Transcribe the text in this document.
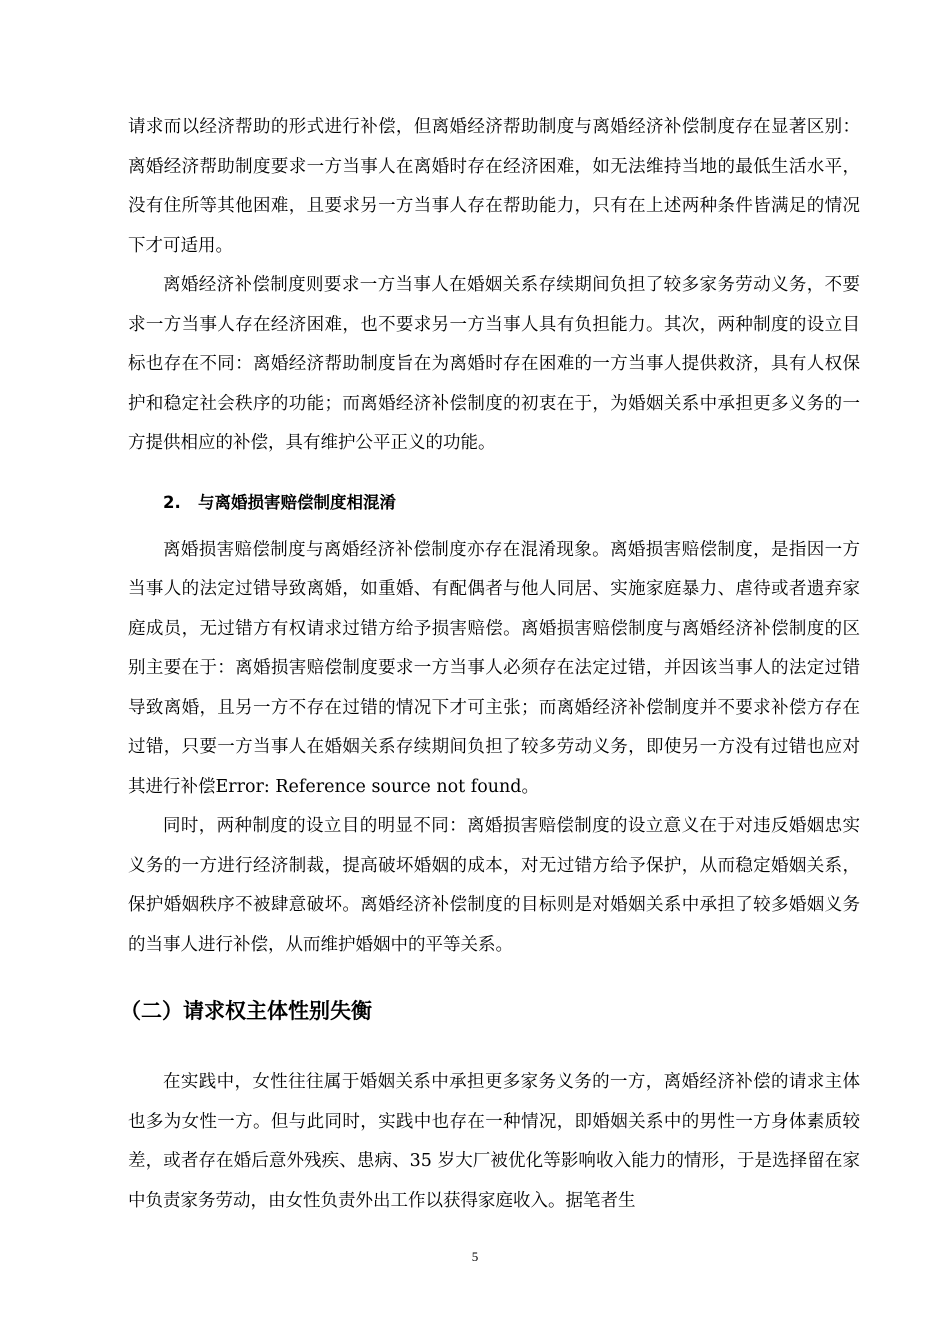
请求而以经济帮助的形式进行补偿，但离婚经济帮助制度与离婚经济补偿制度存在显著区别：离婚经济帮助制度要求一方当事人在离婚时存在经济困难，如无法维持当地的最低生活水平，没有住所等其他困难，且要求另一方当事人存在帮助能力，只有在上述两种条件皆满足的情况下才可适用。

离婚经济补偿制度则要求一方当事人在婚姻关系存续期间负担了较多家务劳动义务，不要求一方当事人存在经济困难，也不要求另一方当事人具有负担能力。其次，两种制度的设立目标也存在不同：离婚经济帮助制度旨在为离婚时存在困难的一方当事人提供救济，具有人权保护和稳定社会秩序的功能；而离婚经济补偿制度的初衷在于，为婚姻关系中承担更多义务的一方提供相应的补偿，具有维护公平正义的功能。

2.   与离婚损害赔偿制度相混淆

离婚损害赔偿制度与离婚经济补偿制度亦存在混淆现象。离婚损害赔偿制度，是指因一方当事人的法定过错导致离婚，如重婚、有配偶者与他人同居、实施家庭暴力、虐待或者遗弃家庭成员，无过错方有权请求过错方给予损害赔偿。离婚损害赔偿制度与离婚经济补偿制度的区别主要在于：离婚损害赔偿制度要求一方当事人必须存在法定过错，并因该当事人的法定过错导致离婚，且另一方不存在过错的情况下才可主张；而离婚经济补偿制度并不要求补偿方存在过错，只要一方当事人在婚姻关系存续期间负担了较多劳动义务，即使另一方没有过错也应对其进行补偿Error: Reference source not found。

同时，两种制度的设立目的明显不同：离婚损害赔偿制度的设立意义在于对违反婚姻忠实义务的一方进行经济制裁，提高破坏婚姻的成本，对无过错方给予保护，从而稳定婚姻关系，保护婚姻秩序不被肆意破坏。离婚经济补偿制度的目标则是对婚姻关系中承担了较多婚姻义务的当事人进行补偿，从而维护婚姻中的平等关系。

（二）请求权主体性别失衡

在实践中，女性往往属于婚姻关系中承担更多家务义务的一方，离婚经济补偿的请求主体也多为女性一方。但与此同时，实践中也存在一种情况，即婚姻关系中的男性一方身体素质较差，或者存在婚后意外残疾、患病、35 岁大厂被优化等影响收入能力的情形，于是选择留在家中负责家务劳动，由女性负责外出工作以获得家庭收入。据笔者生

5
